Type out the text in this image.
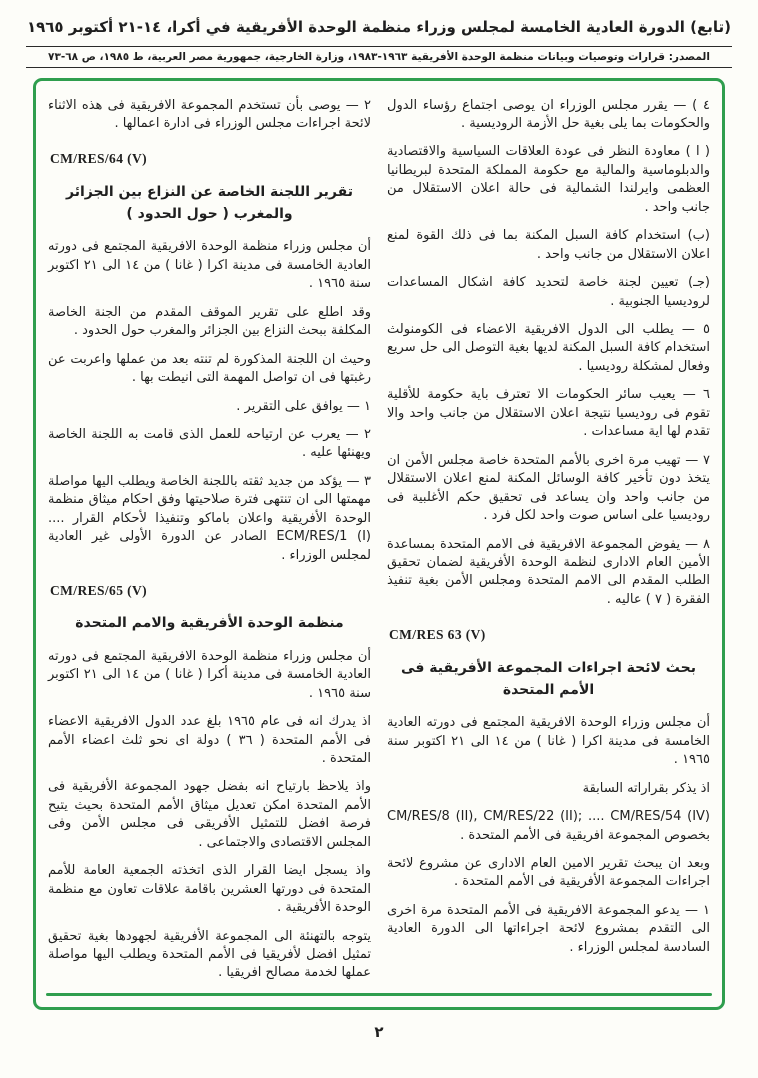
(تابع) الدورة العادية الخامسة لمجلس وزراء منظمة الوحدة الأفريقية في أكرا، ١٤-٢١ أكتوبر ١٩٦٥
المصدر: قرارات وتوصيات وبيانات منظمة الوحدة الأفريقية ١٩٦٣-١٩٨٣، وزارة الخارجية، جمهورية مصر العربية، ط ١٩٨٥، ص ٦٨-٧٣
٤ ) — يقرر مجلس الوزراء ان يوصى اجتماع رؤساء الدول والحكومات بما يلى بغية حل الأزمة الروديسية .
( ا ) معاودة النظر فى عودة العلاقات السياسية والاقتصادية والدبلوماسية والمالية مع حكومة المملكة المتحدة لبريطانيا العظمى وايرلندا الشمالية فى حالة اعلان الاستقلال من جانب واحد .
(ب) استخدام كافة السبل المكنة بما فى ذلك القوة لمنع اعلان الاستقلال من جانب واحد .
(جـ) تعيين لجنة خاصة لتحديد كافة اشكال المساعدات لروديسيا الجنوبية .
٥ — يطلب الى الدول الافريقية الاعضاء فى الكومنولث استخدام كافة السبل المكنة لديها بغية التوصل الى حل سريع وفعال لمشكلة روديسيا .
٦ — يعيب سائر الحكومات الا تعترف باية حكومة للأقلية تقوم فى روديسيا نتيجة اعلان الاستقلال من جانب واحد والا تقدم لها اية مساعدات .
٧ — تهيب مرة اخرى بالأمم المتحدة خاصة مجلس الأمن ان يتخذ دون تأخير كافة الوسائل المكنة لمنع اعلان الاستقلال من جانب واحد وان يساعد فى تحقيق حكم الأغلبية فى روديسيا على اساس صوت واحد لكل فرد .
٨ — يفوض المجموعة الافريقية فى الامم المتحدة بمساعدة الأمين العام الادارى لنظمة الوحدة الأفريقية لضمان تحقيق الطلب المقدم الى الامم المتحدة ومجلس الأمن بغية تنفيذ الفقرة ( ٧ ) عاليه .
CM/RES 63 (V)
بحث لائحة اجراءات المجموعة الأفريقية فى الأمم المتحدة
أن مجلس وزراء الوحدة الافريقية المجتمع فى دورته العادية الخامسة فى مدينة اكرا ( غانا ) من ١٤ الى ٢١ اكتوبر سنة ١٩٦٥ .
اذ يذكر بقراراته السابقة
CM/RES/8 (II), CM/RES/22 (II); .... CM/RES/54 (IV) بخصوص المجموعة افريقية فى الأمم المتحدة .
وبعد ان يبحث تقرير الامين العام الادارى عن مشروع لائحة اجراءات المجموعة الأفريقية فى الأمم المتحدة .
١ — يدعو المجموعة الافريقية فى الأمم المتحدة مرة اخرى الى التقدم بمشروع لائحة اجراءاتها الى الدورة العادية السادسة لمجلس الوزراء .
٢ — يوصى بأن تستخدم المجموعة الافريقية فى هذه الاثناء لائحة اجراءات مجلس الوزراء فى ادارة اعمالها .
CM/RES/64 (V)
تقرير اللجنة الخاصة عن النزاع بين الجزائر والمغرب ( حول الحدود )
أن مجلس وزراء منظمة الوحدة الافريقية المجتمع فى دورته العادية الخامسة فى مدينة اكرا ( غانا ) من ١٤ الى ٢١ اكتوبر سنة ١٩٦٥ .
وقد اطلع على تقرير الموقف المقدم من الجنة الخاصة المكلفة ببحث النزاع بين الجزائر والمغرب حول الحدود .
وحيث ان اللجنة المذكورة لم تنته بعد من عملها واعربت عن رغبتها فى ان تواصل المهمة التى انيطت بها .
١ — يوافق على التقرير .
٢ — يعرب عن ارتياحه للعمل الذى قامت به اللجنة الخاصة ويهنئها عليه .
٣ — يؤكد من جديد ثقته باللجنة الخاصة ويطلب اليها مواصلة مهمتها الى ان تنتهى فترة صلاحيتها وفق احكام ميثاق منظمة الوحدة الأفريقية واعلان باماكو وتنفيذا لأحكام القرار .... ECM/RES/1 (I) الصادر عن الدورة الأولى غير العادية لمجلس الوزراء .
CM/RES/65 (V)
منظمة الوحدة الأفريقية والامم المتحدة
أن مجلس وزراء منظمة الوحدة الافريقية المجتمع فى دورته العادية الخامسة فى مدينة أكرا ( غانا ) من ١٤ الى ٢١ اكتوبر سنة ١٩٦٥ .
اذ يدرك انه فى عام ١٩٦٥ بلغ عدد الدول الافريقية الاعضاء فى الأمم المتحدة ( ٣٦ ) دولة اى نحو ثلث اعضاء الأمم المتحدة .
واذ يلاحظ بارتياح انه بفضل جهود المجموعة الأفريقية فى الأمم المتحدة امكن تعديل ميثاق الأمم المتحدة بحيث يتيح فرصة افضل للتمثيل الأفريقى فى مجلس الأمن وفى المجلس الاقتصادى والاجتماعى .
واذ يسجل ايضا القرار الذى اتخذته الجمعية العامة للأمم المتحدة فى دورتها العشرين باقامة علاقات تعاون مع منظمة الوحدة الأفريقية .
يتوجه بالتهنئة الى المجموعة الأفريقية لجهودها بغية تحقيق تمثيل افضل لأفريقيا فى الأمم المتحدة ويطلب اليها مواصلة عملها لخدمة مصالح افريقيا .
٢
